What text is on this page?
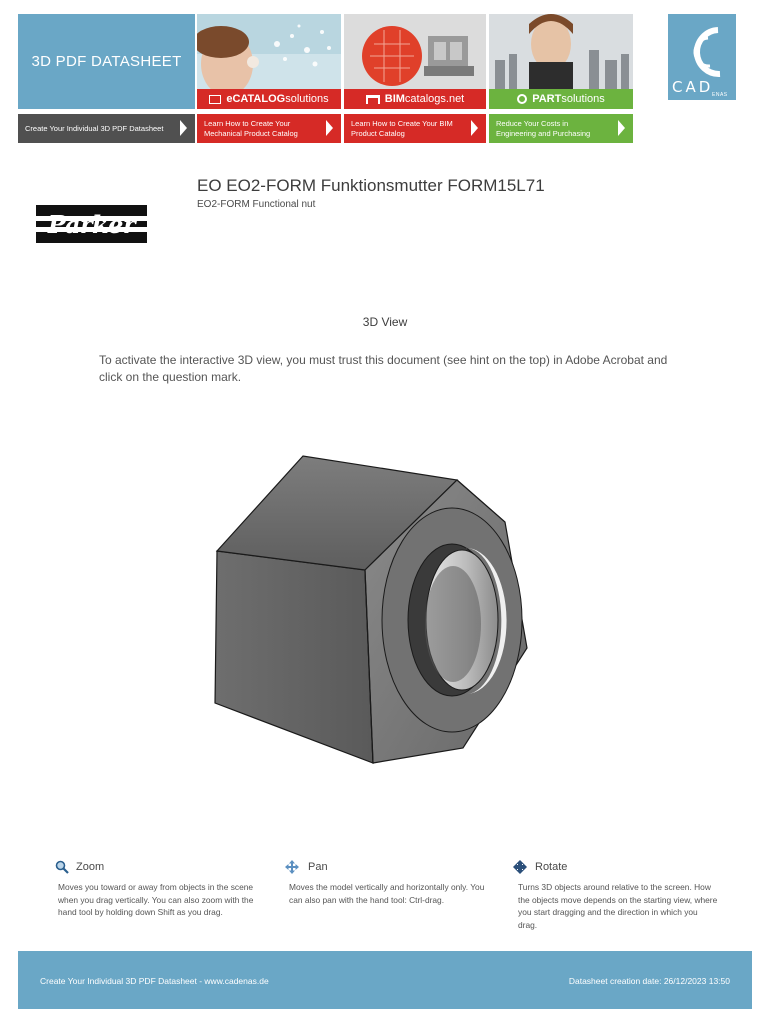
3D PDF DATASHEET
Create Your Individual 3D PDF Datasheet
eCATALOGsolutions
Learn How to Create Your Mechanical Product Catalog
BIMcatalogs.net
Learn How to Create Your BIM Product Catalog
PARTsolutions
Reduce Your Costs in Engineering and Purchasing
CAD
ENAS
EO EO2-FORM Funktionsmutter FORM15L71
EO2-FORM Functional nut
Parker
3D View
To activate the interactive 3D view, you must trust this document (see hint on the top) in Adobe Acrobat and click on the question mark.
Zoom
Moves you toward or away from objects in the scene when you drag vertically. You can also zoom with the hand tool by holding down Shift as you drag.
Pan
Moves the model vertically and horizontally only. You can also pan with the hand tool: Ctrl-drag.
Rotate
Turns 3D objects around relative to the screen. How the objects move depends on the starting view, where you start dragging and the direction in which you drag.
Create Your Individual 3D PDF Datasheet - www.cadenas.de	Datasheet creation date: 26/12/2023 13:50
